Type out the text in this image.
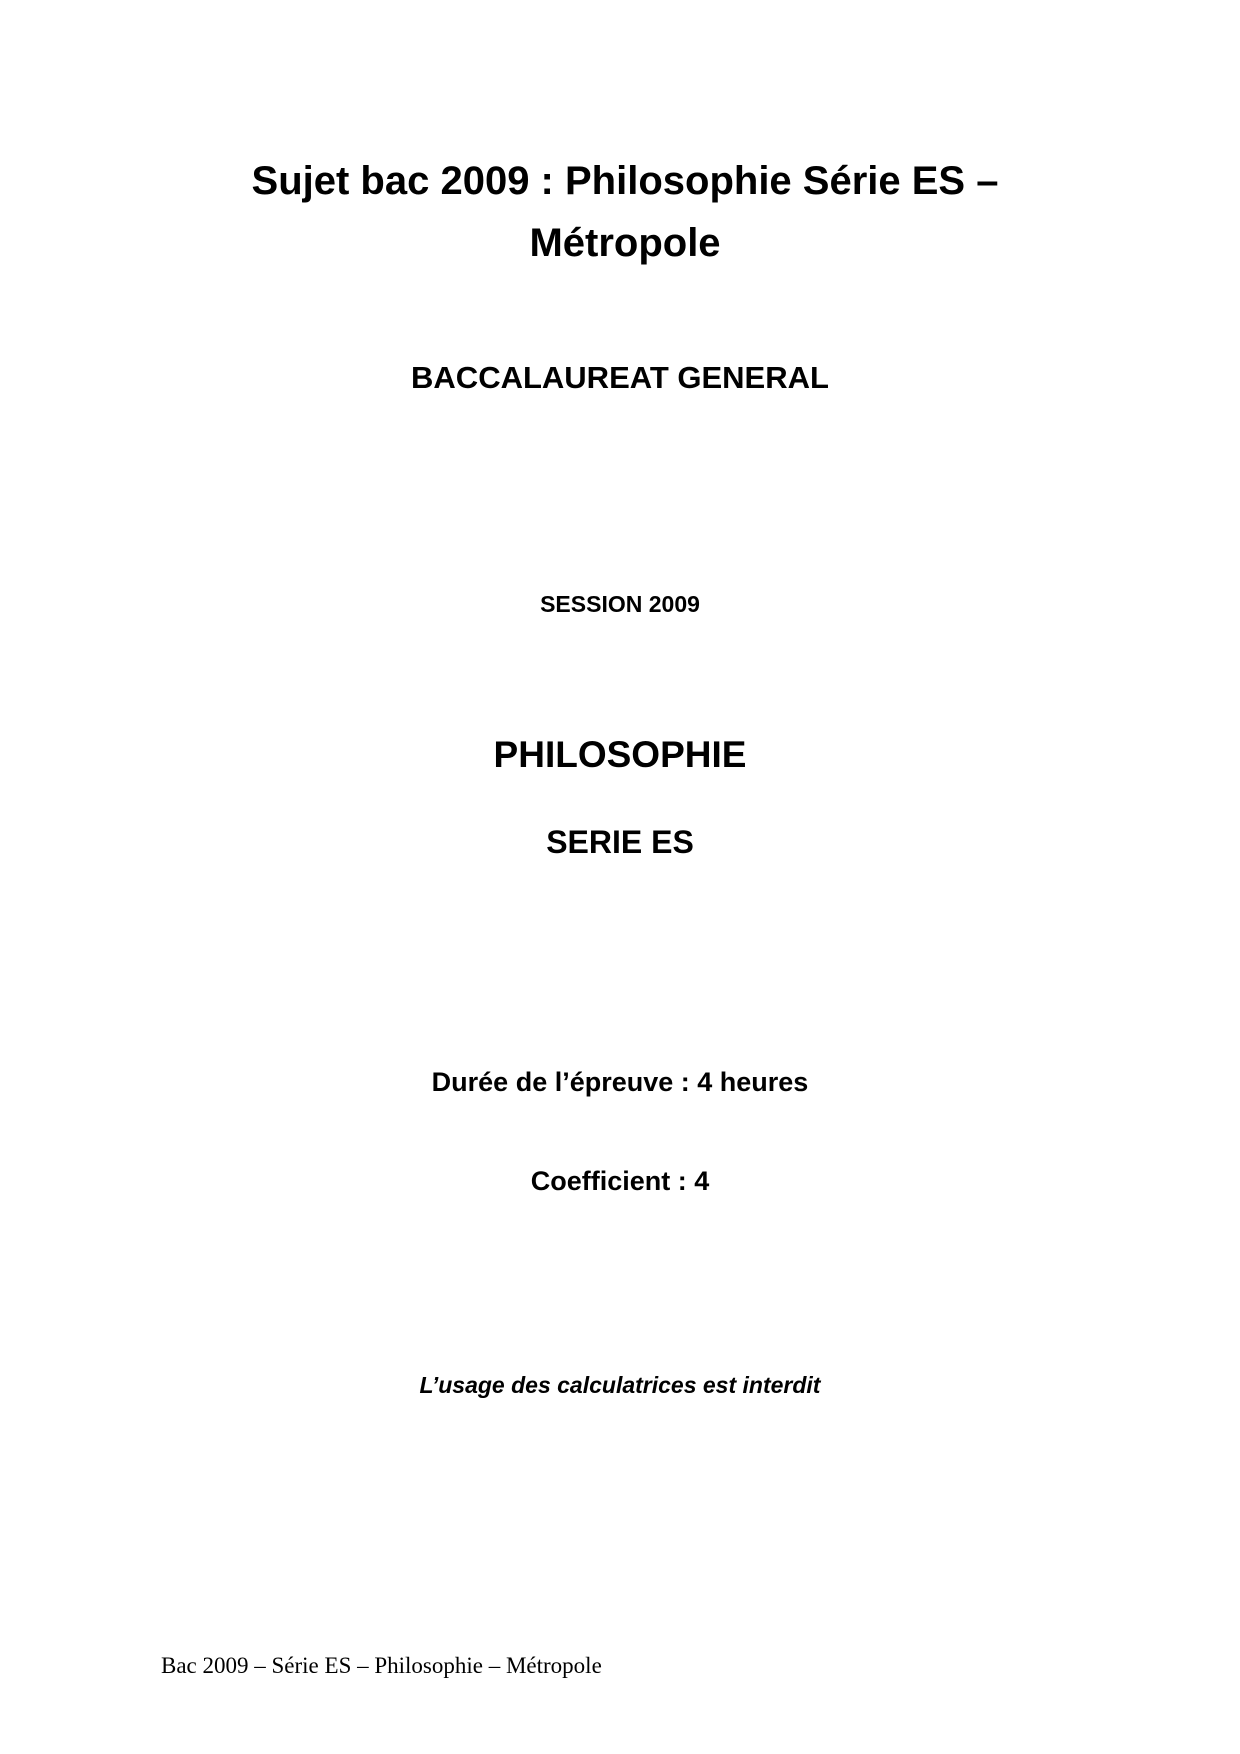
Sujet bac 2009 : Philosophie Série ES –
Métropole

BACCALAUREAT GENERAL

SESSION 2009

PHILOSOPHIE

SERIE ES

Durée de l’épreuve : 4 heures

Coefficient : 4

L’usage des calculatrices est interdit

Bac 2009 – Série ES – Philosophie – Métropole
